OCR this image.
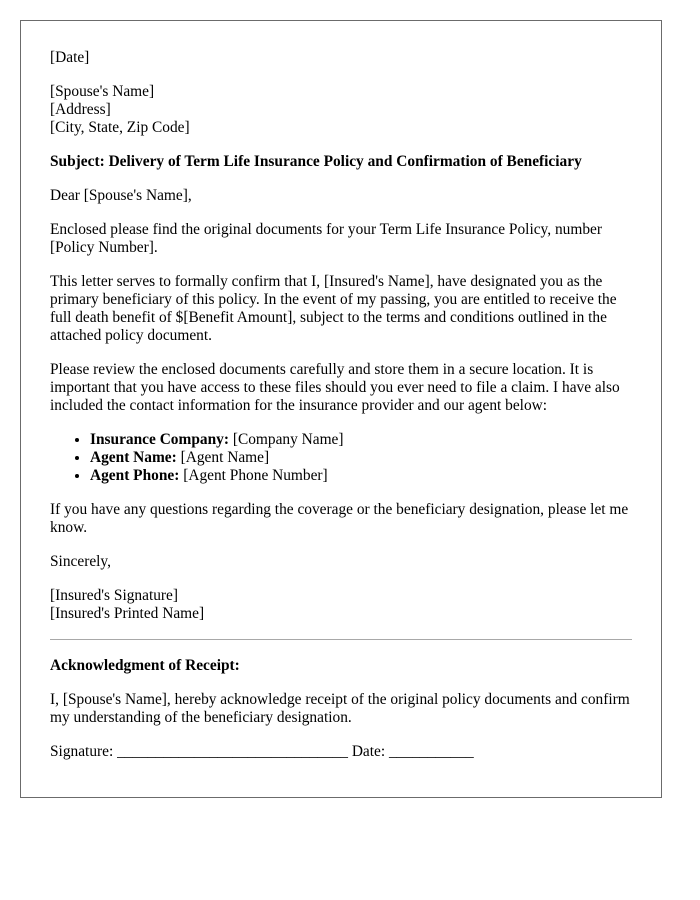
[Date]
[Spouse's Name]
[Address]
[City, State, Zip Code]
Subject: Delivery of Term Life Insurance Policy and Confirmation of Beneficiary
Dear [Spouse's Name],
Enclosed please find the original documents for your Term Life Insurance Policy, number [Policy Number].
This letter serves to formally confirm that I, [Insured's Name], have designated you as the primary beneficiary of this policy. In the event of my passing, you are entitled to receive the full death benefit of $[Benefit Amount], subject to the terms and conditions outlined in the attached policy document.
Please review the enclosed documents carefully and store them in a secure location. It is important that you have access to these files should you ever need to file a claim. I have also included the contact information for the insurance provider and our agent below:
• Insurance Company: [Company Name]
• Agent Name: [Agent Name]
• Agent Phone: [Agent Phone Number]
If you have any questions regarding the coverage or the beneficiary designation, please let me know.
Sincerely,
[Insured's Signature]
[Insured's Printed Name]
Acknowledgment of Receipt:
I, [Spouse's Name], hereby acknowledge receipt of the original policy documents and confirm my understanding of the beneficiary designation.
Signature: ______________________________ Date: ___________
